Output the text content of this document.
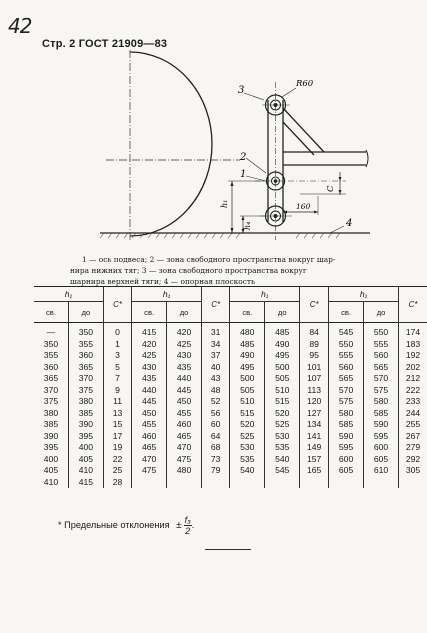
42
Стр. 2 ГОСТ 21909—83
3
R60
2
1
h₁
h₄
C
160
4

1 — ось подвеса; 2 — зона свободного пространства вокруг шар-

нира нижних тяг; 3 — зона свободного пространства вокруг

шарнира верхней тяги; 4 — опорная плоскость

h₁		C*	h₁		C*	h₁		C*	h₁		C*
св.	до		св.	до		св.	до		св.	до	
—	350	0	415	420	31	480	485	84	545	550	174
350	355	1	420	425	34	485	490	89	550	555	183
355	360	3	425	430	37	490	495	95	555	560	192
360	365	5	430	435	40	495	500	101	560	565	202
365	370	7	435	440	43	500	505	107	565	570	212
370	375	9	440	445	48	505	510	113	570	575	222
375	380	11	445	450	52	510	515	120	575	580	233
380	385	13	450	455	56	515	520	127	580	585	244
385	390	15	455	460	60	520	525	134	585	590	255
390	395	17	460	465	64	525	530	141	590	595	267
395	400	19	465	470	68	530	535	149	595	600	279
400	405	22	470	475	73	535	540	157	600	605	292
405	410	25	475	480	79	540	545	165	605	610	305
410	415	28									
* Предельные отклонения ± $\frac{\text{f₃}}{2}$ .
